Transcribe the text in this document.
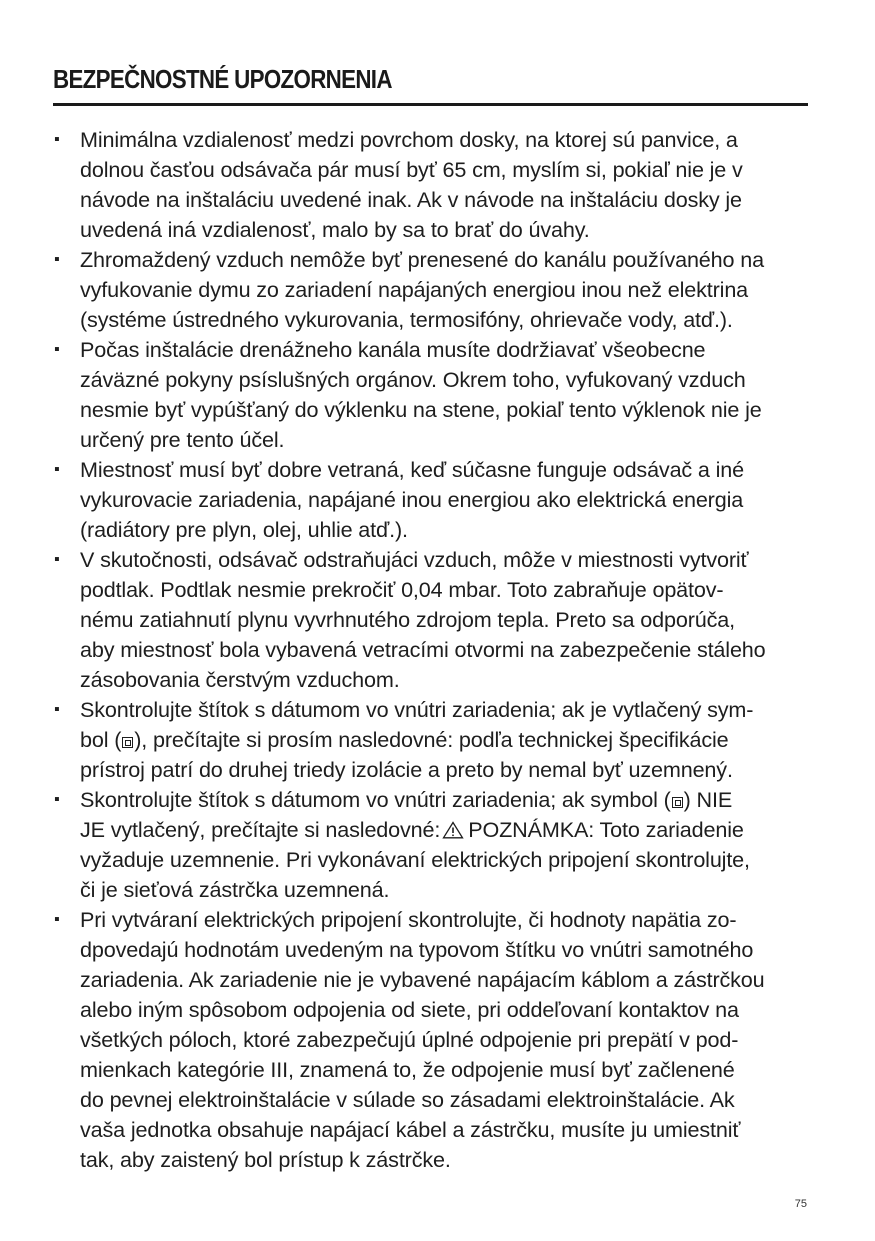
BEZPEČNOSTNÉ UPOZORNENIA
▪ Minimálna vzdialenosť medzi povrchom dosky, na ktorej sú panvice, a
dolnou časťou odsávača pár musí byť 65 cm, myslím si, pokiaľ nie je v
návode na inštaláciu uvedené inak. Ak v návode na inštaláciu dosky je
uvedená iná vzdialenosť, malo by sa to brať do úvahy.
▪ Zhromaždený vzduch nemôže byť prenesené do kanálu používaného na
vyfukovanie dymu zo zariadení napájaných energiou inou než elektrina
(systéme ústredného vykurovania, termosifóny, ohrievače vody, atď.).
▪ Počas inštalácie drenážneho kanála musíte dodržiavať všeobecne
záväzné pokyny psíslušných orgánov. Okrem toho, vyfukovaný vzduch
nesmie byť vypúšťaný do výklenku na stene, pokiaľ tento výklenok nie je
určený pre tento účel.
▪ Miestnosť musí byť dobre vetraná, keď súčasne funguje odsávač a iné
vykurovacie zariadenia, napájané inou energiou ako elektrická energia
(radiátory pre plyn, olej, uhlie atď.).
▪ V skutočnosti, odsávač odstraňujáci vzduch, môže v miestnosti vytvoriť
podtlak. Podtlak nesmie prekročiť 0,04 mbar. Toto zabraňuje opätov-
nému zatiahnutí plynu vyvrhnutého zdrojom tepla. Preto sa odporúča,
aby miestnosť bola vybavená vetracími otvormi na zabezpečenie stáleho
zásobovania čerstvým vzduchom.
▪ Skontrolujte štítok s dátumom vo vnútri zariadenia; ak je vytlačený sym-
bol ( ), prečítajte si prosím nasledovné: podľa technickej špecifikácie
prístroj patrí do druhej triedy izolácie a preto by nemal byť uzemnený.
▪ Skontrolujte štítok s dátumom vo vnútri zariadenia; ak symbol ( ) NIE
JE vytlačený, prečítajte si nasledovné: POZNÁMKA: Toto zariadenie
vyžaduje uzemnenie. Pri vykonávaní elektrických pripojení skontrolujte,
či je sieťová zástrčka uzemnená.
▪ Pri vytváraní elektrických pripojení skontrolujte, či hodnoty napätia zo-
dpovedajú hodnotám uvedeným na typovom štítku vo vnútri samotného
zariadenia. Ak zariadenie nie je vybavené napájacím káblom a zástrčkou
alebo iným spôsobom odpojenia od siete, pri oddeľovaní kontaktov na
všetkých póloch, ktoré zabezpečujú úplné odpojenie pri prepätí v pod-
mienkach kategórie III, znamená to, že odpojenie musí byť začlenené
do pevnej elektroinštalácie v súlade so zásadami elektroinštalácie. Ak
vaša jednotka obsahuje napájací kábel a zástrčku, musíte ju umiestniť
tak, aby zaistený bol prístup k zástrčke.
75
